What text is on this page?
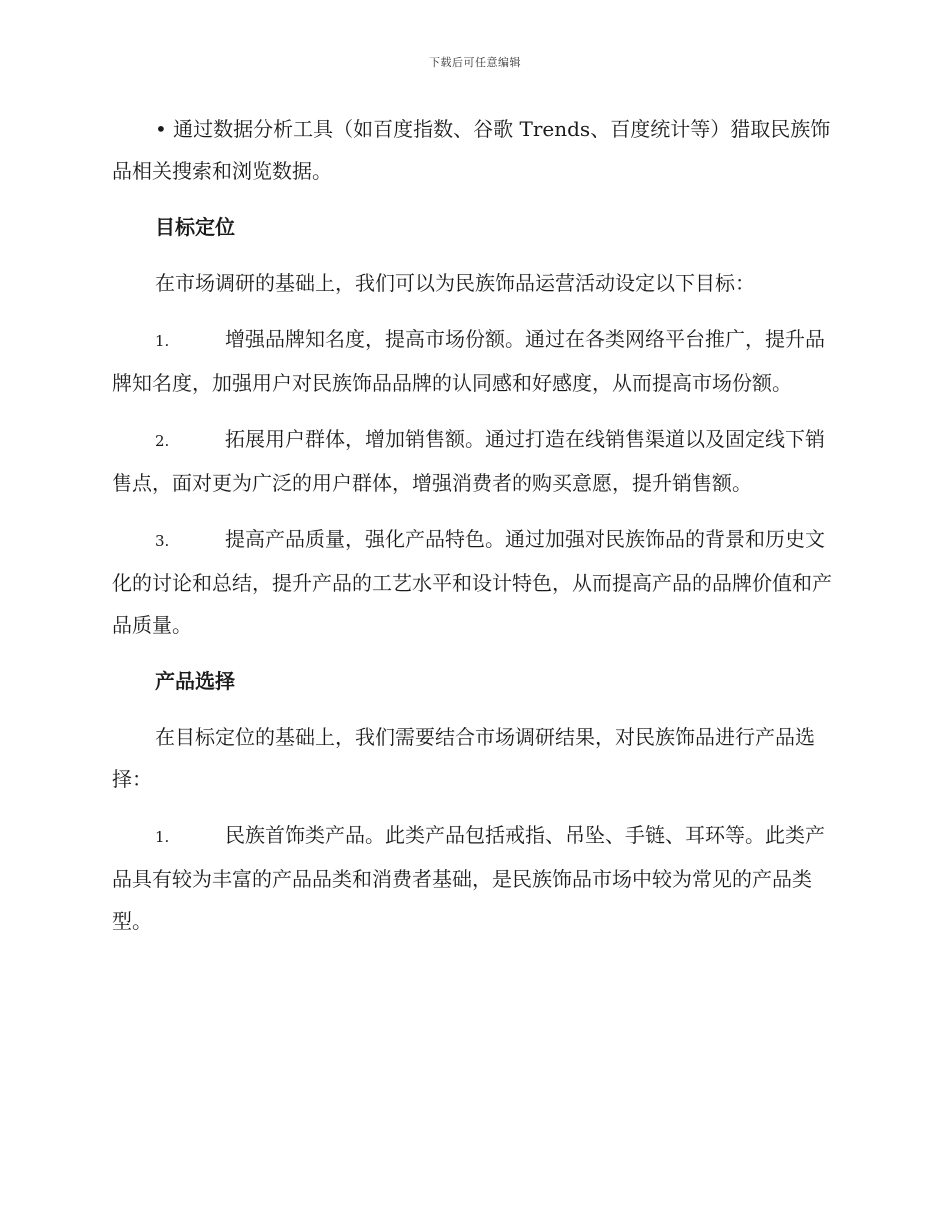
下载后可任意编辑

• 通过数据分析工具（如百度指数、谷歌 Trends、百度统计等）猎取民族饰品相关搜索和浏览数据。

目标定位

在市场调研的基础上，我们可以为民族饰品运营活动设定以下目标：

1.	增强品牌知名度，提高市场份额。通过在各类网络平台推广，提升品牌知名度，加强用户对民族饰品品牌的认同感和好感度，从而提高市场份额。

2.	拓展用户群体，增加销售额。通过打造在线销售渠道以及固定线下销售点，面对更为广泛的用户群体，增强消费者的购买意愿，提升销售额。

3.	提高产品质量，强化产品特色。通过加强对民族饰品的背景和历史文化的讨论和总结，提升产品的工艺水平和设计特色，从而提高产品的品牌价值和产品质量。

产品选择

在目标定位的基础上，我们需要结合市场调研结果，对民族饰品进行产品选择：

1.	民族首饰类产品。此类产品包括戒指、吊坠、手链、耳环等。此类产品具有较为丰富的产品品类和消费者基础，是民族饰品市场中较为常见的产品类型。
